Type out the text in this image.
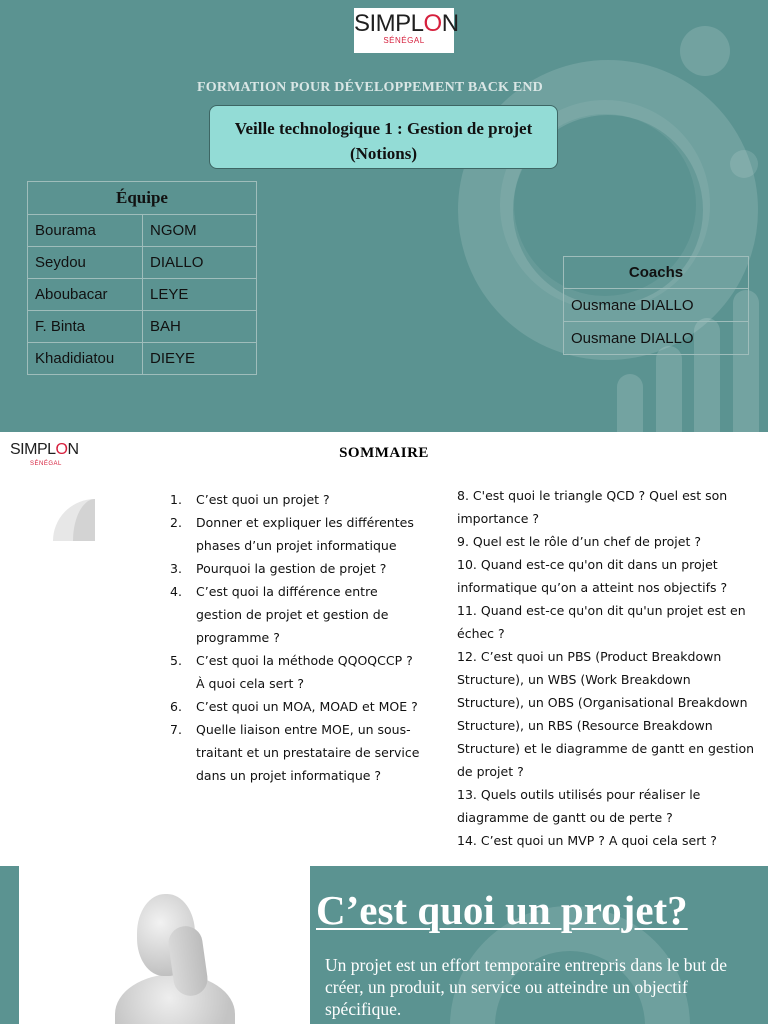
SIMPLON
SÉNÉGAL
FORMATION POUR DÉVELOPPEMENT BACK END
Veille technologique 1 : Gestion de projet
(Notions)
Équipe	
Bourama	NGOM
Seydou	DIALLO
Aboubacar	LEYE
F. Binta	BAH
Khadidiatou	DIEYE
Coachs
Ousmane DIALLO
Ousmane DIALLO
SIMPLON
SÉNÉGAL
SOMMAIRE
1. C’est quoi un projet ?
2. Donner et expliquer les différentes phases d’un projet informatique
3. Pourquoi la gestion de projet ?
4. C’est quoi la différence entre gestion de projet et gestion de programme ?
5. C’est quoi la méthode QQOQCCP ? À quoi cela sert ?
6. C’est quoi un MOA, MOAD et MOE ?
7. Quelle liaison entre MOE, un sous-traitant et un prestataire de service dans un projet informatique ?
8. C'est quoi le triangle QCD ? Quel est son importance ?
9. Quel est le rôle d’un chef de projet ?
10. Quand est-ce qu'on dit dans un projet informatique qu’on a atteint nos objectifs ?
11. Quand est-ce qu'on dit qu'un projet est en échec ?
12. C’est quoi un PBS (Product Breakdown Structure), un WBS (Work Breakdown Structure), un OBS (Organisational Breakdown Structure), un RBS (Resource Breakdown Structure) et le diagramme de gantt en gestion de projet ?
13. Quels outils utilisés pour réaliser le diagramme de gantt ou de perte ?
14. C’est quoi un MVP ? A quoi cela sert ?
C’est quoi un projet?
Un projet est un effort temporaire entrepris dans le but de créer, un produit, un service ou atteindre un objectif spécifique.
